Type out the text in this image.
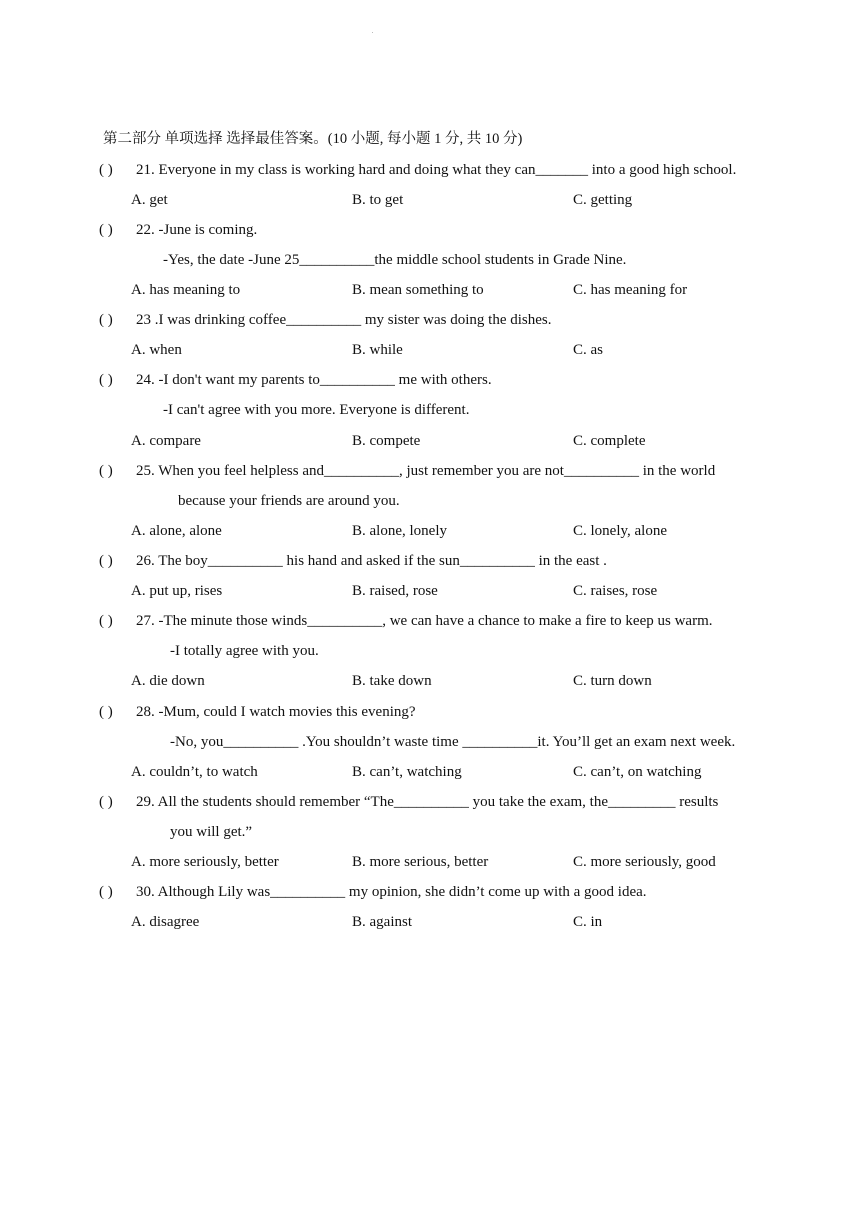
第二部分 单项选择 选择最佳答案。(10 小题, 每小题 1 分, 共 10 分)
( ) 21. Everyone in my class is working hard and doing what they can_______ into a good high school.
A. get	B. to get	C. getting
( ) 22. -June is coming.
-Yes, the date -June 25__________the middle school students in Grade Nine.
A. has meaning to	B. mean something to	C. has meaning for
( ) 23 .I was drinking coffee__________ my sister was doing the dishes.
A. when	B. while	C. as
( ) 24. -I don't want my parents to__________ me with others.
-I can't agree with you more. Everyone is different.
A. compare	B. compete	C. complete
( ) 25. When you feel helpless and__________, just remember you are not__________ in the world
because your friends are around you.
A. alone, alone	B. alone, lonely	C. lonely, alone
( ) 26. The boy__________ his hand and asked if the sun__________ in the east .
A. put up, rises	B. raised, rose	C. raises, rose
( ) 27. -The minute those winds__________, we can have a chance to make a fire to keep us warm.
-I totally agree with you.
A. die down	B. take down	C. turn down
( ) 28. -Mum, could I watch movies this evening?
-No, you__________ .You shouldn’t waste time __________it. You’ll get an exam next week.
A. couldn’t, to watch	B. can’t, watching	C. can’t, on watching
( ) 29. All the students should remember “The__________ you take the exam, the_________ results
you will get.”
A. more seriously, better	B. more serious, better	C. more seriously, good
( ) 30. Although Lily was__________ my opinion, she didn’t come up with a good idea.
A. disagree	B. against	C. in
